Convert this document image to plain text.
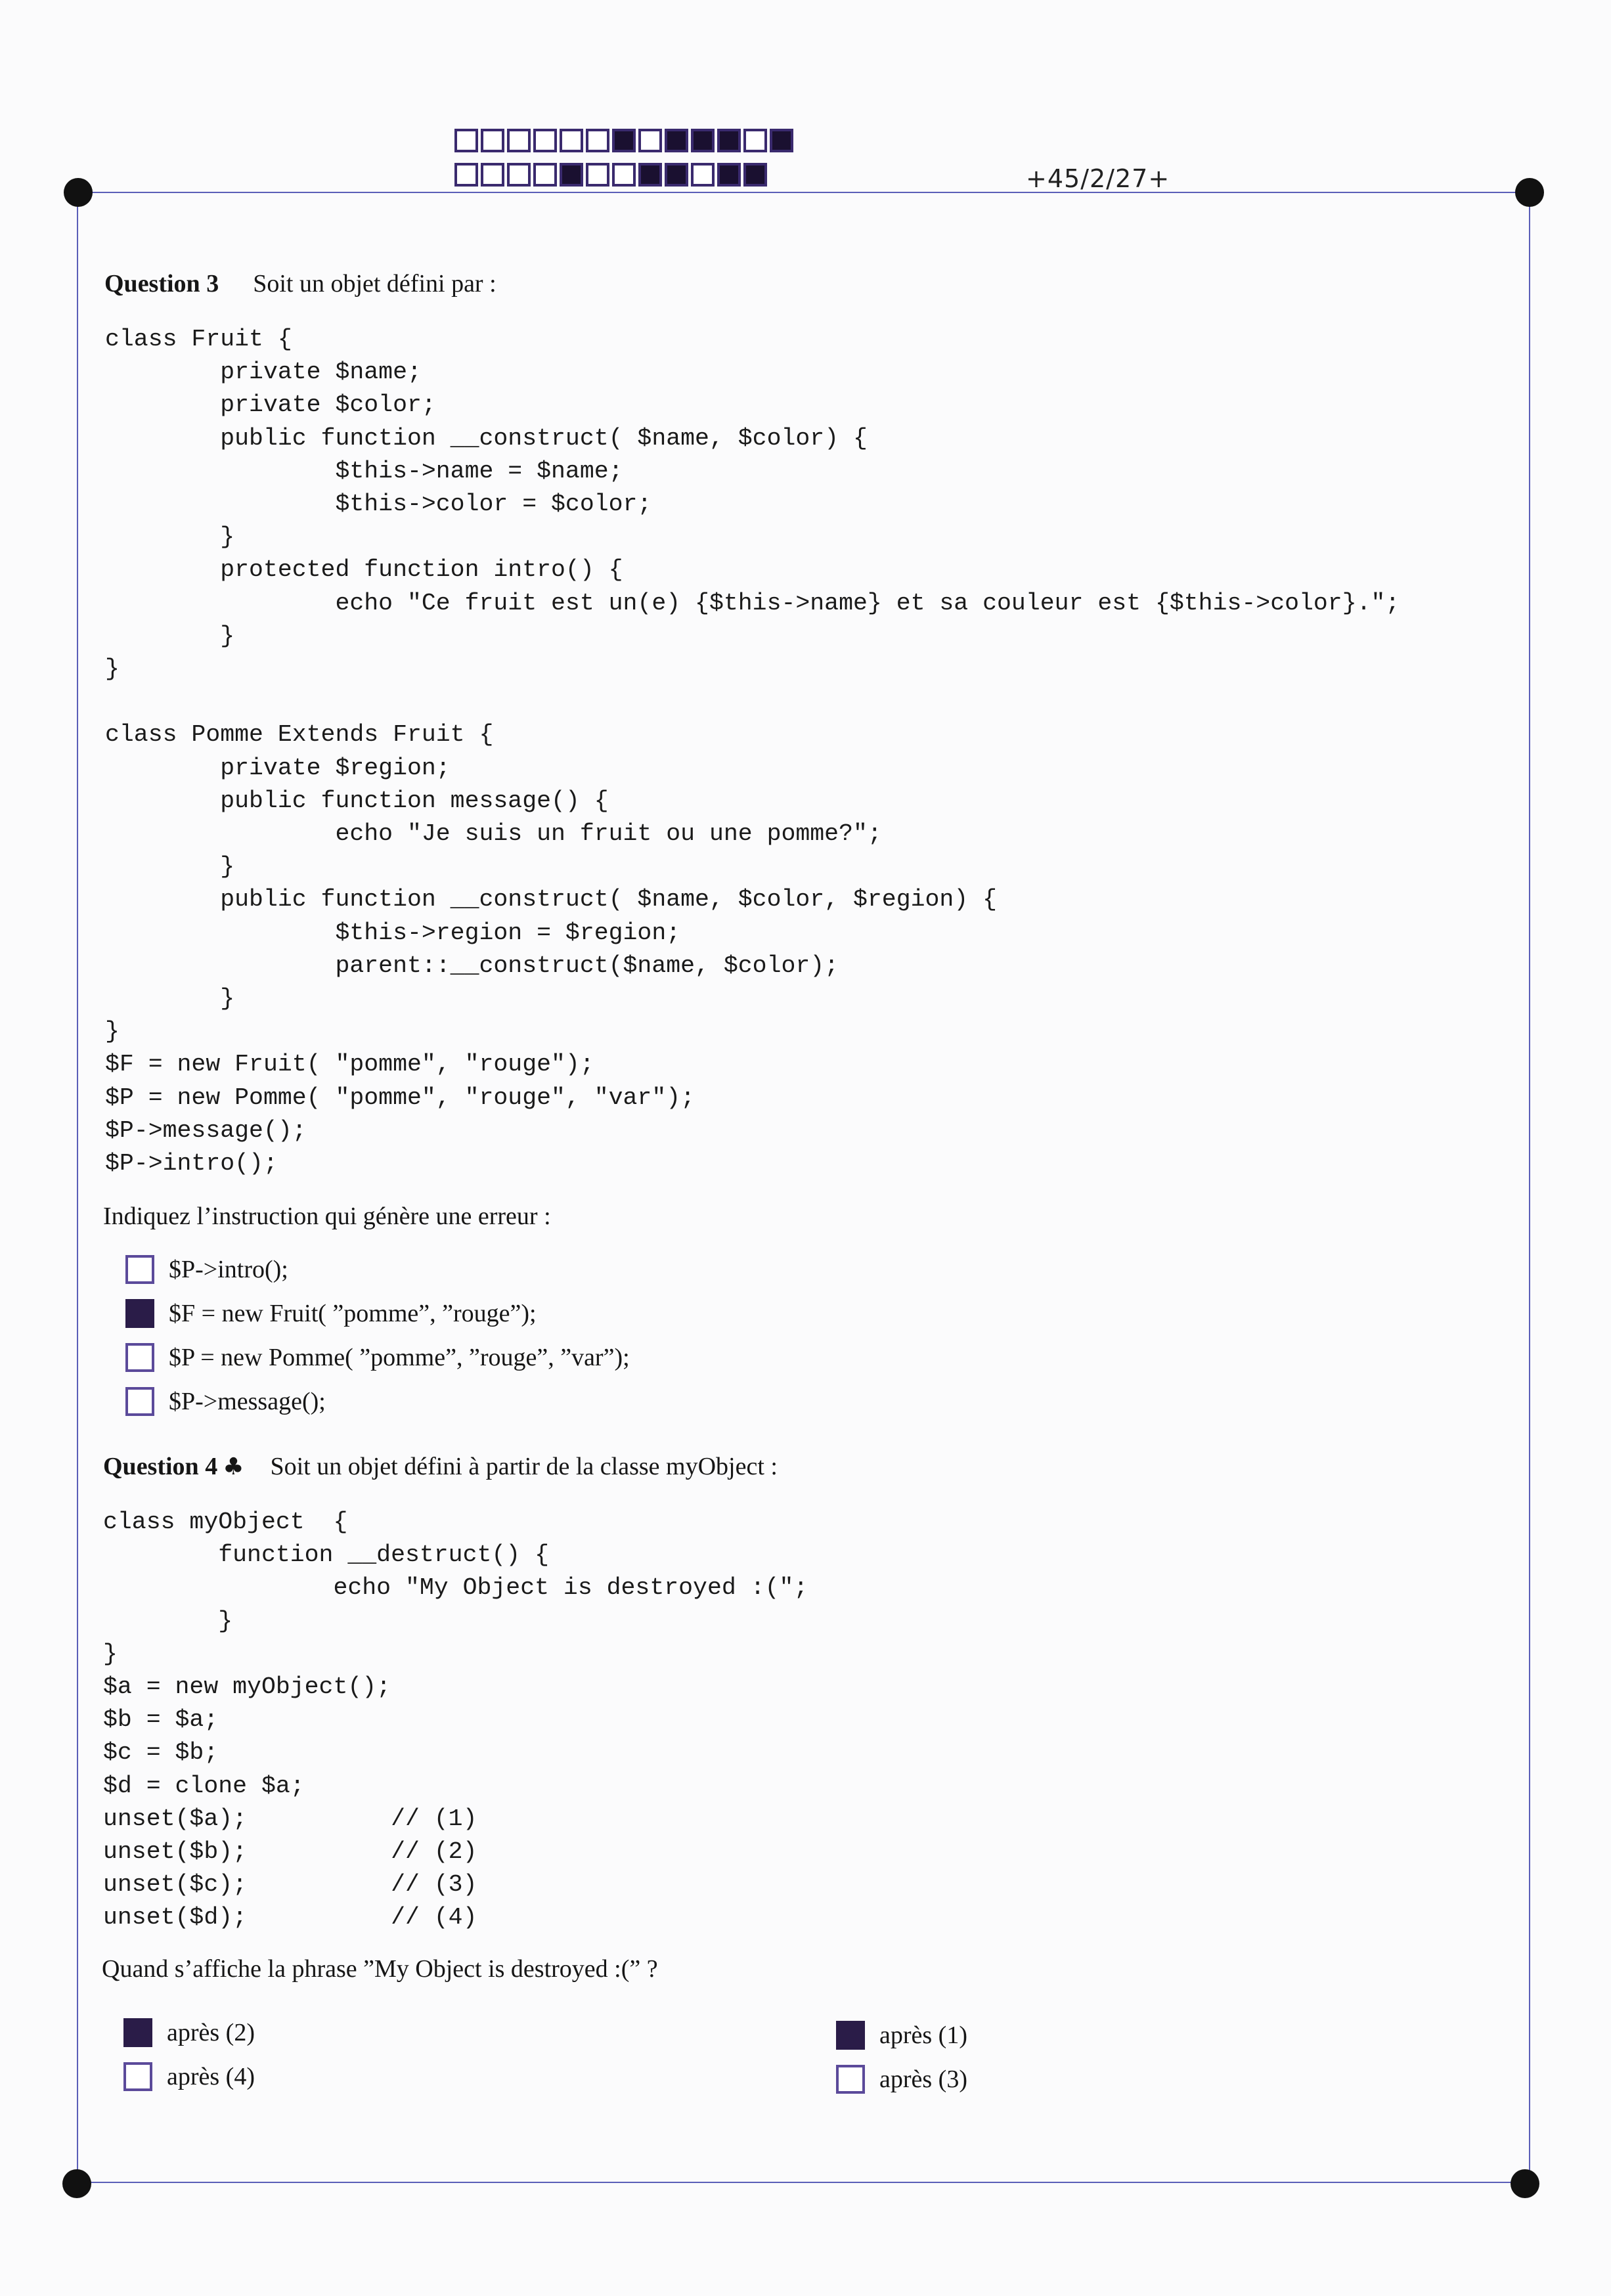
+45/2/27+
Question 3 Soit un objet défini par :
class Fruit {
private $name;
private $color;
public function __construct( $name, $color) {
$this->name = $name;
$this->color = $color;
}
protected function intro() {
echo "Ce fruit est un(e) {$this->name} et sa couleur est {$this->color}.";
}
}

class Pomme Extends Fruit {
private $region;
public function message() {
echo "Je suis un fruit ou une pomme?";
}
public function __construct( $name, $color, $region) {
$this->region = $region;
parent::__construct($name, $color);
}
}
$F = new Fruit( "pomme", "rouge");
$P = new Pomme( "pomme", "rouge", "var");
$P->message();
$P->intro();
Indiquez l’instruction qui génère une erreur :
$P->intro();
$F = new Fruit( ”pomme”, ”rouge”);
$P = new Pomme( ”pomme”, ”rouge”, ”var”);
$P->message();
Question 4 ♣ Soit un objet défini à partir de la classe myObject :
class myObject  {
function __destruct() {
echo "My Object is destroyed :(";
}
}
$a = new myObject();
$b = $a;
$c = $b;
$d = clone $a;
unset($a);          // (1)
unset($b);          // (2)
unset($c);          // (3)
unset($d);          // (4)
Quand s’affiche la phrase ”My Object is destroyed :(” ?
après (2)
après (4)
après (1)
après (3)
